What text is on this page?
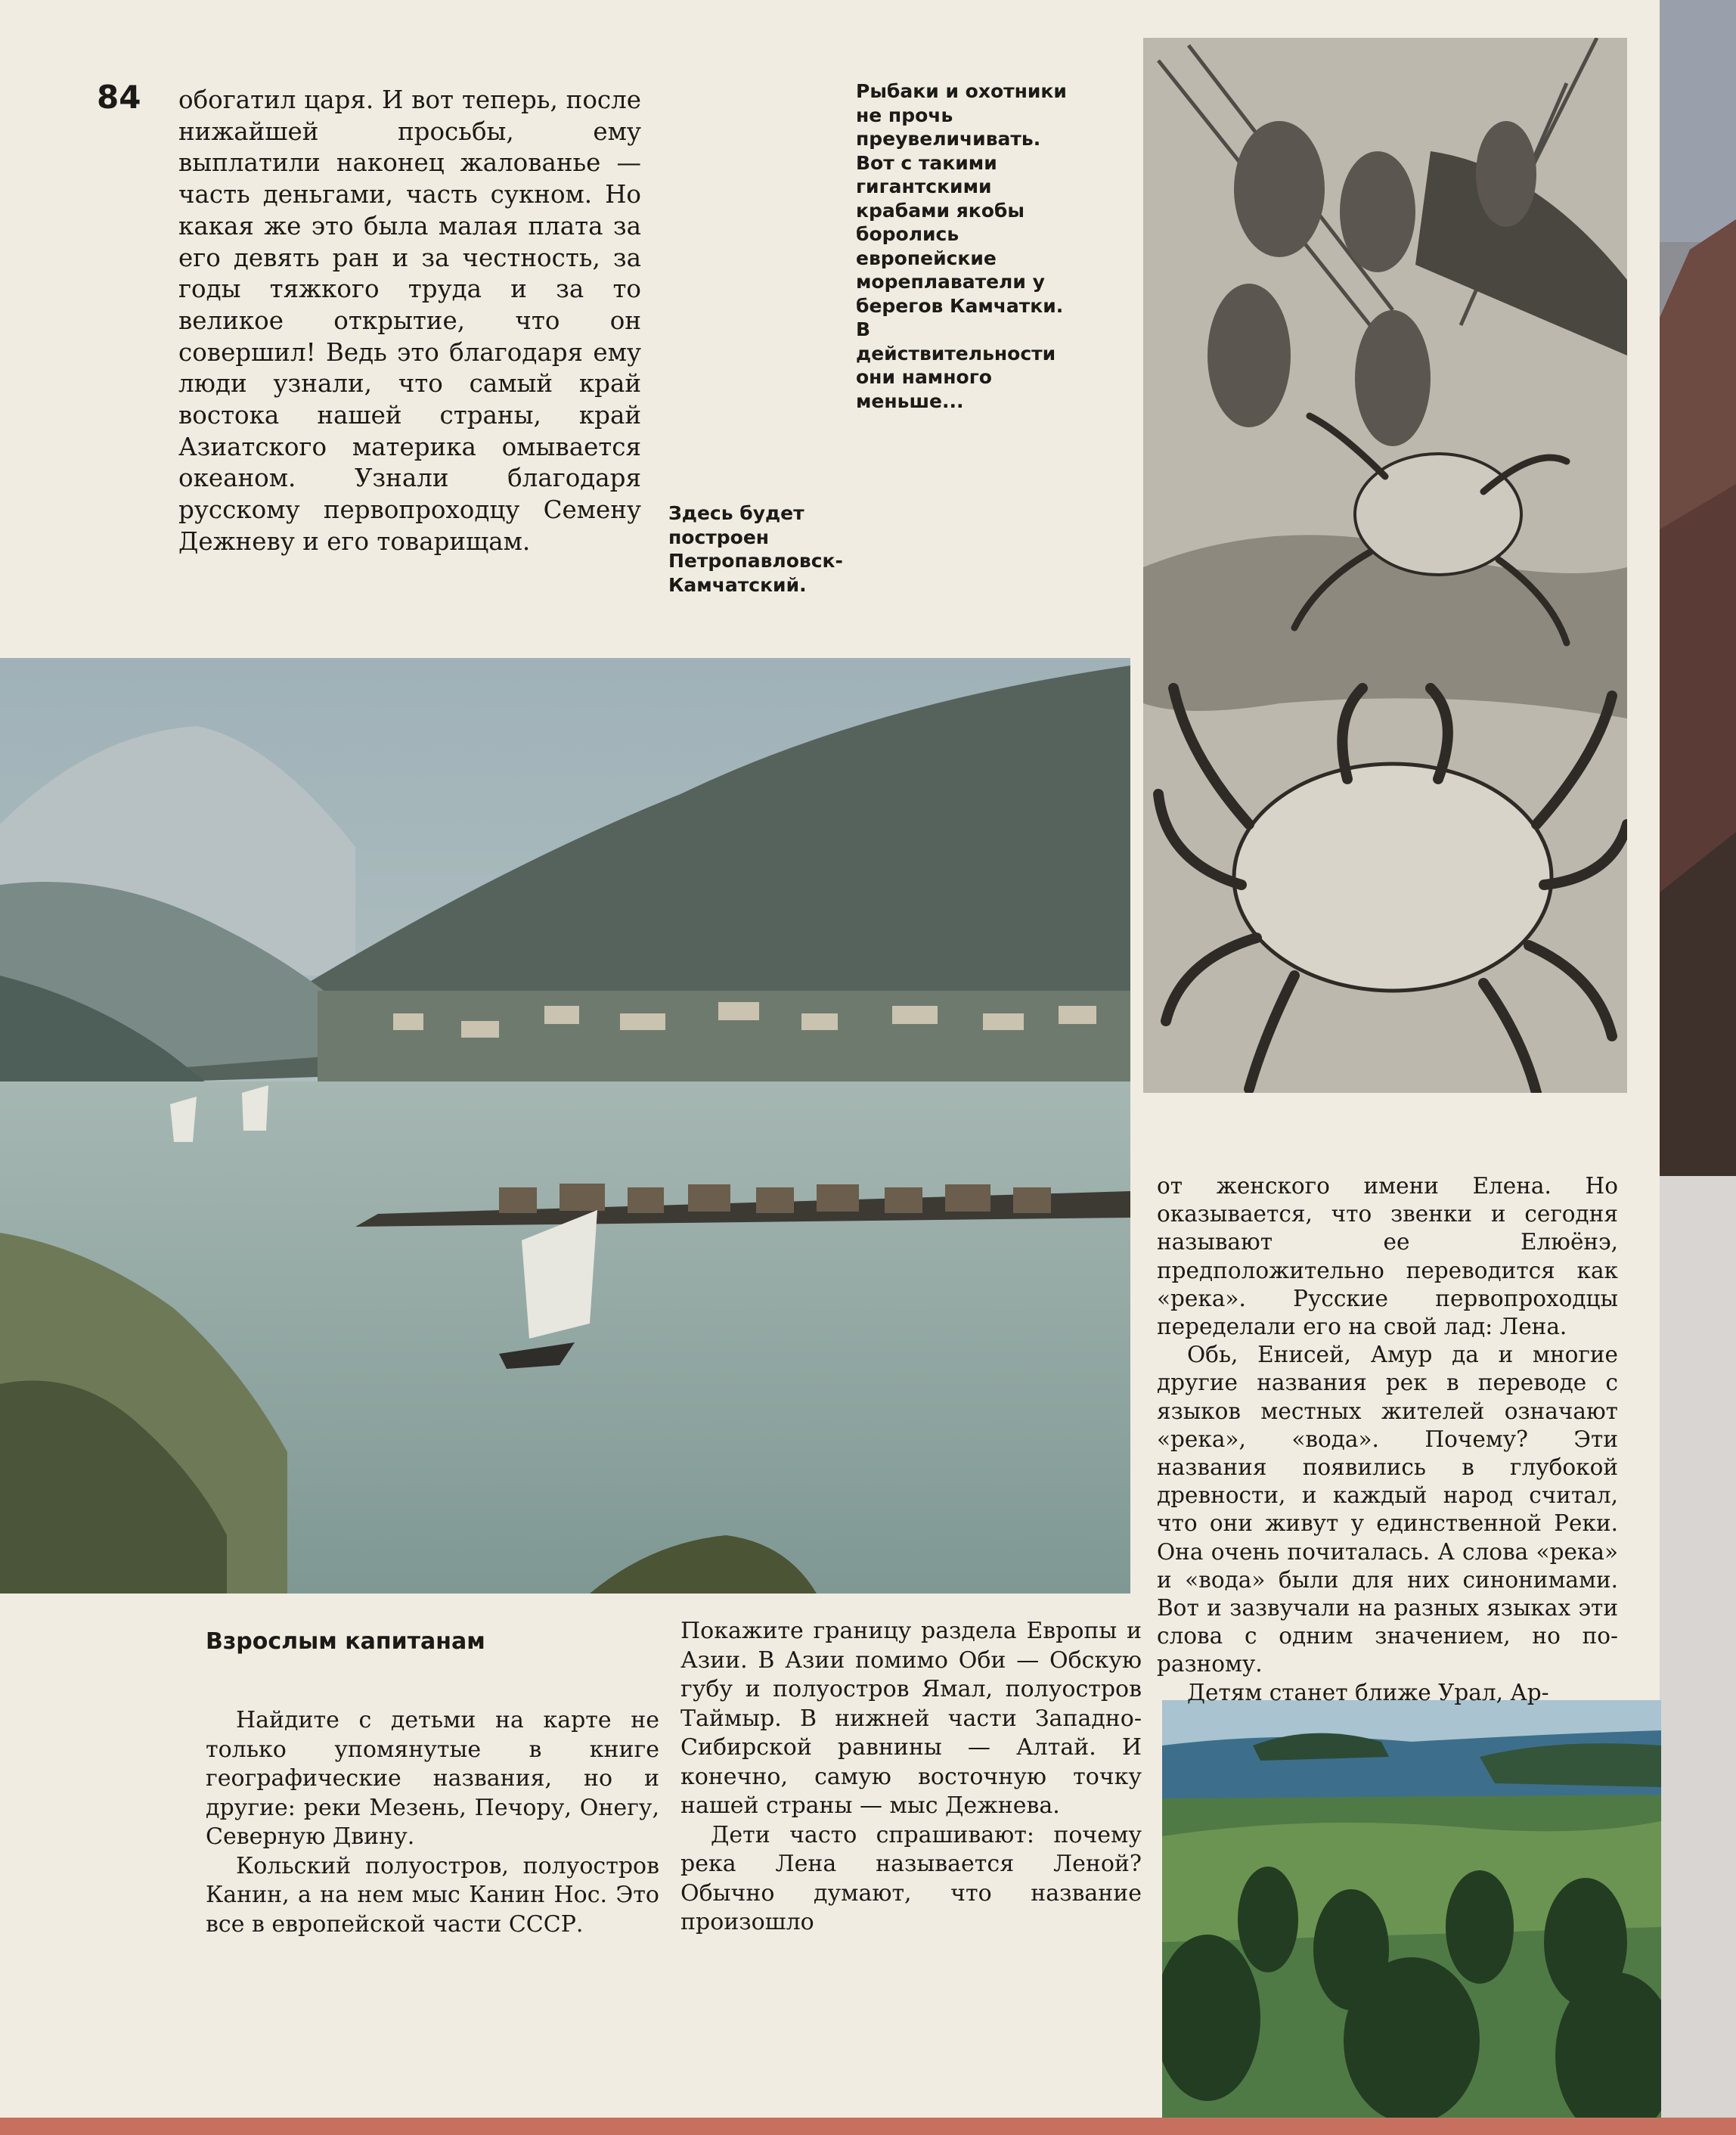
84 обогатил царя. И вот теперь, после нижайшей просьбы, ему выплатили наконец жалованье — часть деньгами, часть сукном. Но какая же это была малая плата за его девять ран и за честность, за годы тяжкого труда и за то великое открытие, что он совершил! Ведь это благодаря ему люди узнали, что самый край востока нашей страны, край Азиатского материка омывается океаном. Узнали благодаря русскому первопроходцу Семену Дежневу и его товарищам.

Рыбаки и охотники не прочь преувеличивать. Вот с такими гигантскими крабами якобы боролись европейские мореплаватели у берегов Камчатки. В действительности они намного меньше...

Здесь будет построен Петропавловск-Камчатский.

Взрослым капитанам

Найдите с детьми на карте не только упомянутые в книге географические названия, но и другие: реки Мезень, Печору, Онегу, Северную Двину.

Кольский полуостров, полуостров Канин, а на нем мыс Канин Нос. Это все в европейской части СССР.

Покажите границу раздела Европы и Азии. В Азии помимо Оби — Обскую губу и полуостров Ямал, полуостров Таймыр. В нижней части Западно-Сибирской равнины — Алтай. И конечно, самую восточную точку нашей страны — мыс Дежнева.

Дети часто спрашивают: почему река Лена называется Леной? Обычно думают, что название произошло

от женского имени Елена. Но оказывается, что звенки и сегодня называют ее Елюёнэ, предположительно переводится как «река». Русские первопроходцы переделали его на свой лад: Лена.

Обь, Енисей, Амур да и многие другие названия рек в переводе с языков местных жителей означают «река», «вода». Почему? Эти названия появились в глубокой древности, и каждый народ считал, что они живут у единственной Реки. Она очень почиталась. А слова «река» и «вода» были для них синонимами. Вот и зазвучали на разных языках эти слова с одним значением, но по-разному.

Детям станет ближе Урал, Ар-
